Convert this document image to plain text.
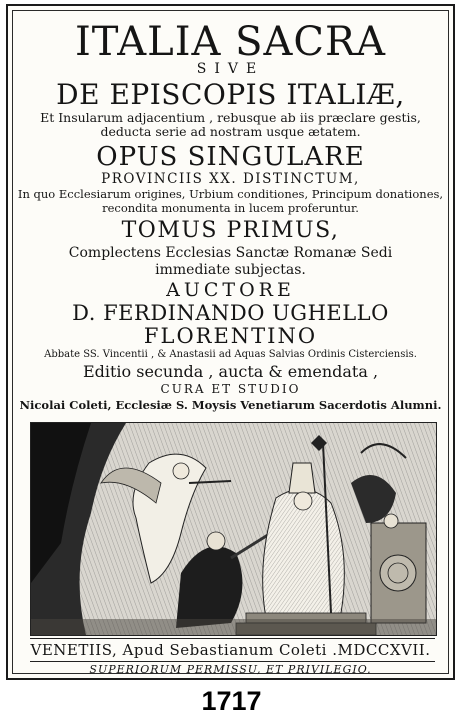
ITALIA SACRA
SIVE
DE EPISCOPIS ITALIÆ,
Et Insularum adjacentium , rebusque ab iis præclare gestis,
deducta serie ad nostram usque ætatem.
OPUS SINGULARE
PROVINCIIS XX. DISTINCTUM,
In quo Ecclesiarum origines, Urbium conditiones, Principum donationes,
recondita monumenta in lucem proferuntur.
TOMUS PRIMUS,
Complectens Ecclesias Sanctæ Romanæ Sedi
immediate subjectas.
AUCTORE
D. FERDINANDO UGHELLO
FLORENTINO
Abbate SS. Vincentii , & Anastasii ad Aquas Salvias Ordinis Cisterciensis.
Editio secunda , aucta & emendata ,
CURA ET STUDIO
Nicolai Coleti, Ecclesiæ S. Moysis Venetiarum Sacerdotis Alumni.
VENETIIS, Apud Sebastianum Coleti .MDCCXVII.
SUPERIORUM PERMISSU, ET PRIVILEGIO.
1717
